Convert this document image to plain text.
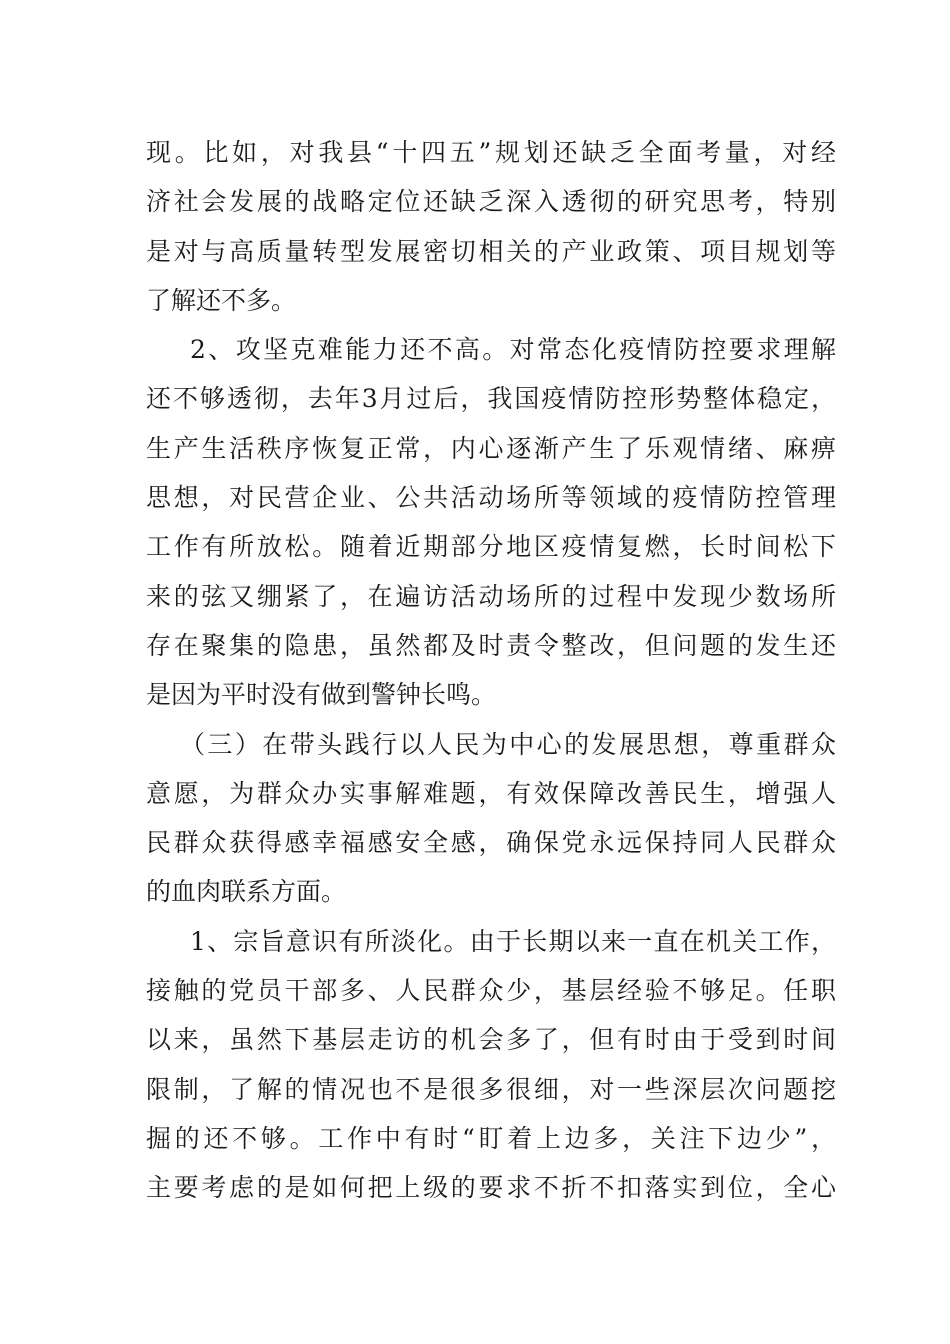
现。比如，对我县“十四五”规划还缺乏全面考量，对经
济社会发展的战略定位还缺乏深入透彻的研究思考，特别
是对与高质量转型发展密切相关的产业政策、项目规划等
了解还不多。
2、攻坚克难能力还不高。对常态化疫情防控要求理解
还不够透彻，去年3月过后，我国疫情防控形势整体稳定，
生产生活秩序恢复正常，内心逐渐产生了乐观情绪、麻痹
思想，对民营企业、公共活动场所等领域的疫情防控管理
工作有所放松。随着近期部分地区疫情复燃，长时间松下
来的弦又绷紧了，在遍访活动场所的过程中发现少数场所
存在聚集的隐患，虽然都及时责令整改，但问题的发生还
是因为平时没有做到警钟长鸣。
（三）在带头践行以人民为中心的发展思想，尊重群众
意愿，为群众办实事解难题，有效保障改善民生，增强人
民群众获得感幸福感安全感，确保党永远保持同人民群众
的血肉联系方面。
1、宗旨意识有所淡化。由于长期以来一直在机关工作，
接触的党员干部多、人民群众少，基层经验不够足。任职
以来，虽然下基层走访的机会多了，但有时由于受到时间
限制，了解的情况也不是很多很细，对一些深层次问题挖
掘的还不够。工作中有时“盯着上边多，关注下边少”，
主要考虑的是如何把上级的要求不折不扣落实到位，全心
